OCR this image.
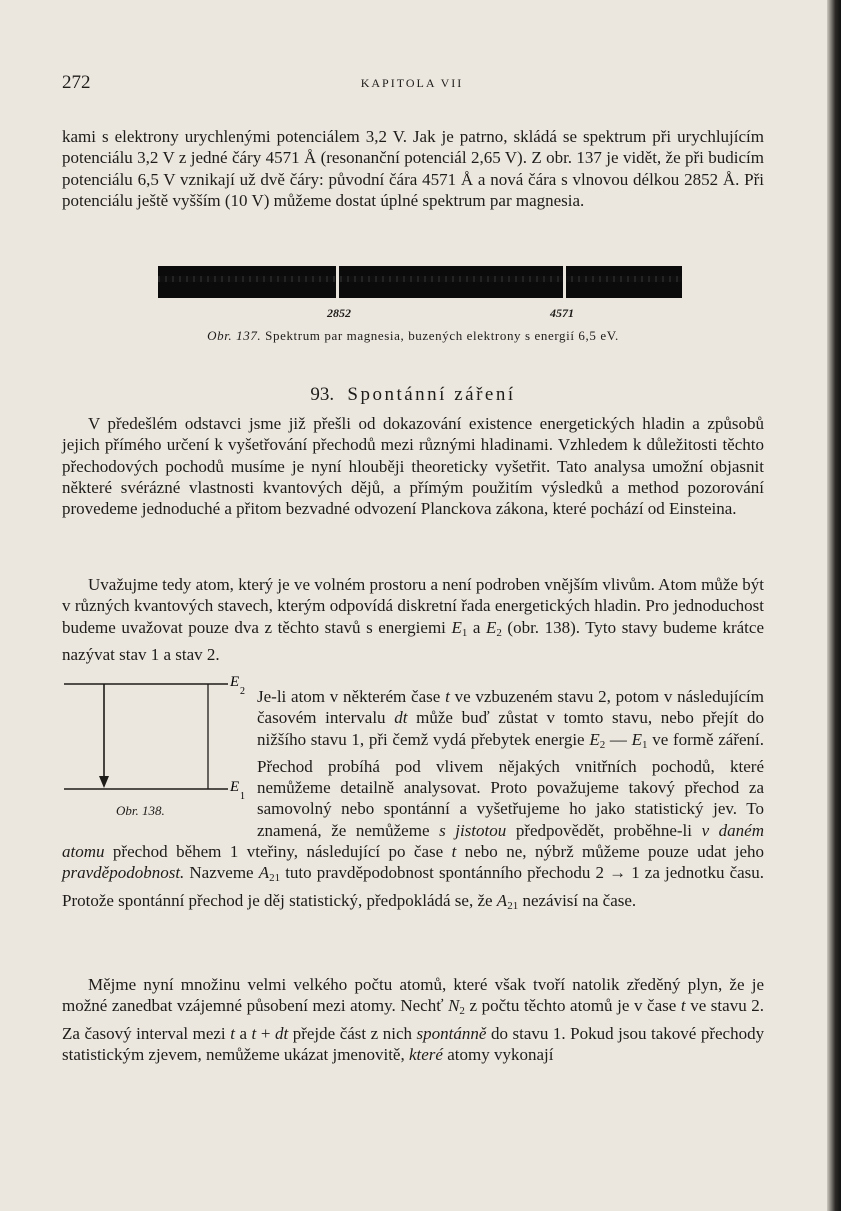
272	KAPITOLA VII

kami s elektrony urychlenými potenciálem 3,2 V. Jak je patrno, skládá se spektrum při urychlujícím potenciálu 3,2 V z jedné čáry 4571 Å (resonanční potenciál 2,65 V). Z obr. 137 je vidět, že při budicím potenciálu 6,5 V vznikají už dvě čáry: původní čára 4571 Å a nová čára s vlnovou délkou 2852 Å. Při potenciálu ještě vyšším (10 V) můžeme dostat úplné spektrum par magnesia.

2852	4571
Obr. 137. Spektrum par magnesia, buzených elektrony s energií 6,5 eV.
93. Spontánní záření

V předešlém odstavci jsme již přešli od dokazování existence energetických hladin a způsobů jejich přímého určení k vyšetřování přechodů mezi různými hladinami. Vzhledem k důležitosti těchto přechodových pochodů musíme je nyní hlouběji theoreticky vyšetřit. Tato analysa umožní objasnit některé svérázné vlastnosti kvantových dějů, a přímým použitím výsledků a method pozorování provedeme jednoduché a přitom bezvadné odvození Planckova zákona, které pochází od Einsteina.

Uvažujme tedy atom, který je ve volném prostoru a není podroben vnějším vlivům. Atom může být v různých kvantových stavech, kterým odpovídá diskretní řada energetických hladin. Pro jednoduchost budeme uvažovat pouze dva z těchto stavů s energiemi $E_1$ a $E_2$ (obr. 138). Tyto stavy budeme krátce nazývat stav 1 a stav 2.

E
2
E
1
Obr. 138.

Je-li atom v některém čase t ve vzbuzeném stavu 2, potom v následujícím časovém intervalu dt může buď zůstat v tomto stavu, nebo přejít do nižšího stavu 1, při čemž vydá přebytek energie $E_2$ — $E_1$ ve formě záření. Přechod probíhá pod vlivem nějakých vnitřních pochodů, které nemůžeme detailně analysovat. Proto považujeme takový přechod za samovolný nebo spontánní a vyšetřujeme ho jako statistický jev. To znamená, že nemůžeme s jistotou předpovědět, proběhne-li v daném atomu přechod během 1 vteřiny, následující po čase t nebo ne, nýbrž můžeme pouze udat jeho pravděpodobnost. Nazveme $A_{21}$ tuto pravděpodobnost spontánního přechodu 2 → 1 za jednotku času. Protože spontánní přechod je děj statistický, předpokládá se, že $A_{21}$ nezávisí na čase.

Mějme nyní množinu velmi velkého počtu atomů, které však tvoří natolik zředěný plyn, že je možné zanedbat vzájemné působení mezi atomy. Nechť $N_2$ z počtu těchto atomů je v čase t ve stavu 2. Za časový interval mezi t a t + dt přejde část z nich spontánně do stavu 1. Pokud jsou takové přechody statistickým zjevem, nemůžeme ukázat jmenovitě, které atomy vykonají
